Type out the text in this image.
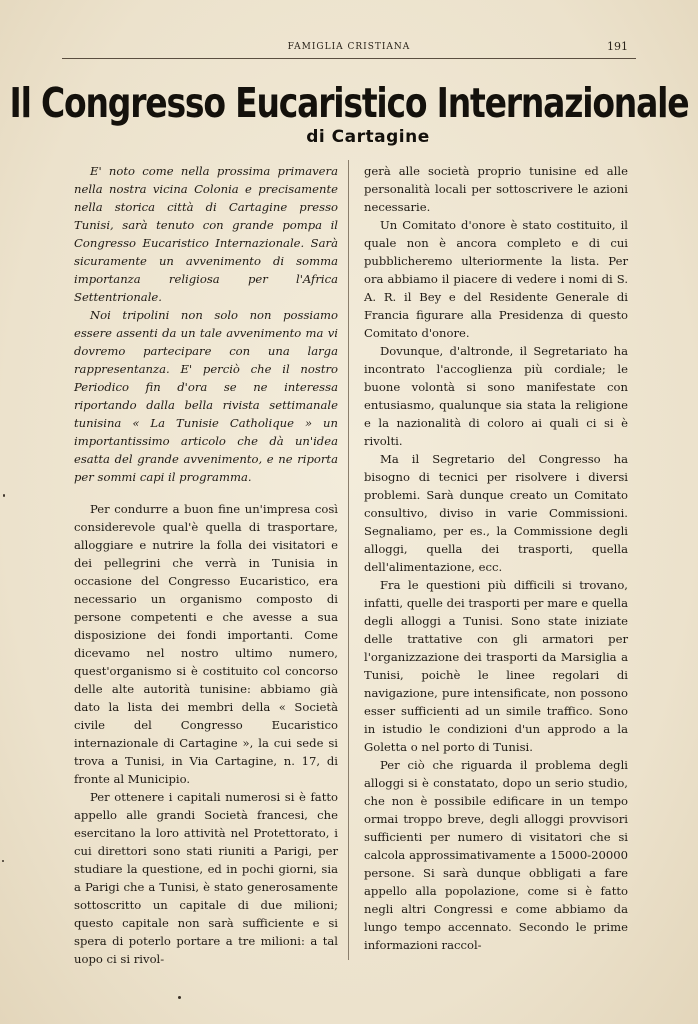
FAMIGLIA CRISTIANA	191
Il Congresso Eucaristico Internazionale
di Cartagine

E' noto come nella prossima primavera nella nostra vicina Colonia e precisamente nella storica città di Cartagine presso Tunisi, sarà tenuto con grande pompa il Congresso Eucaristico Internazionale. Sarà sicuramente un avvenimento di somma importanza religiosa per l'Africa Settentrionale.

Noi tripolini non solo non possiamo essere assenti da un tale avvenimento ma vi dovremo partecipare con una larga rappresentanza. E' perciò che il nostro Periodico fin d'ora se ne interessa riportando dalla bella rivista settimanale tunisina « La Tunisie Catholique » un importantissimo articolo che dà un'idea esatta del grande avvenimento, e ne riporta per sommi capi il programma.

Per condurre a buon fine un'impresa così considerevole qual'è quella di trasportare, alloggiare e nutrire la folla dei visitatori e dei pellegrini che verrà in Tunisia in occasione del Congresso Eucaristico, era necessario un organismo composto di persone competenti e che avesse a sua disposizione dei fondi importanti. Come dicevamo nel nostro ultimo numero, quest'organismo si è costituito col concorso delle alte autorità tunisine: abbiamo già dato la lista dei membri della « Società civile del Congresso Eucaristico internazionale di Cartagine », la cui sede si trova a Tunisi, in Via Cartagine, n. 17, di fronte al Municipio.

Per ottenere i capitali numerosi si è fatto appello alle grandi Società francesi, che esercitano la loro attività nel Protettorato, i cui direttori sono stati riuniti a Parigi, per studiare la questione, ed in pochi giorni, sia a Parigi che a Tunisi, è stato generosamente sottoscritto un capitale di due milioni; questo capitale non sarà sufficiente e si spera di poterlo portare a tre milioni: a tal uopo ci si rivol-

gerà alle società proprio tunisine ed alle personalità locali per sottoscrivere le azioni necessarie.

Un Comitato d'onore è stato costituito, il quale non è ancora completo e di cui pubblicheremo ulteriormente la lista. Per ora abbiamo il piacere di vedere i nomi di S. A. R. il Bey e del Residente Generale di Francia figurare alla Presidenza di questo Comitato d'onore.

Dovunque, d'altronde, il Segretariato ha incontrato l'accoglienza più cordiale; le buone volontà si sono manifestate con entusiasmo, qualunque sia stata la religione e la nazionalità di coloro ai quali ci si è rivolti.

Ma il Segretario del Congresso ha bisogno di tecnici per risolvere i diversi problemi. Sarà dunque creato un Comitato consultivo, diviso in varie Commissioni. Segnaliamo, per es., la Commissione degli alloggi, quella dei trasporti, quella dell'alimentazione, ecc.

Fra le questioni più difficili si trovano, infatti, quelle dei trasporti per mare e quella degli alloggi a Tunisi. Sono state iniziate delle trattative con gli armatori per l'organizzazione dei trasporti da Marsiglia a Tunisi, poichè le linee regolari di navigazione, pure intensificate, non possono esser sufficienti ad un simile traffico. Sono in istudio le condizioni d'un approdo a la Goletta o nel porto di Tunisi.

Per ciò che riguarda il problema degli alloggi si è constatato, dopo un serio studio, che non è possibile edificare in un tempo ormai troppo breve, degli alloggi provvisori sufficienti per numero di visitatori che si calcola approssimativamente a 15000-20000 persone. Si sarà dunque obbligati a fare appello alla popolazione, come si è fatto negli altri Congressi e come abbiamo da lungo tempo accennato. Secondo le prime informazioni raccol-
